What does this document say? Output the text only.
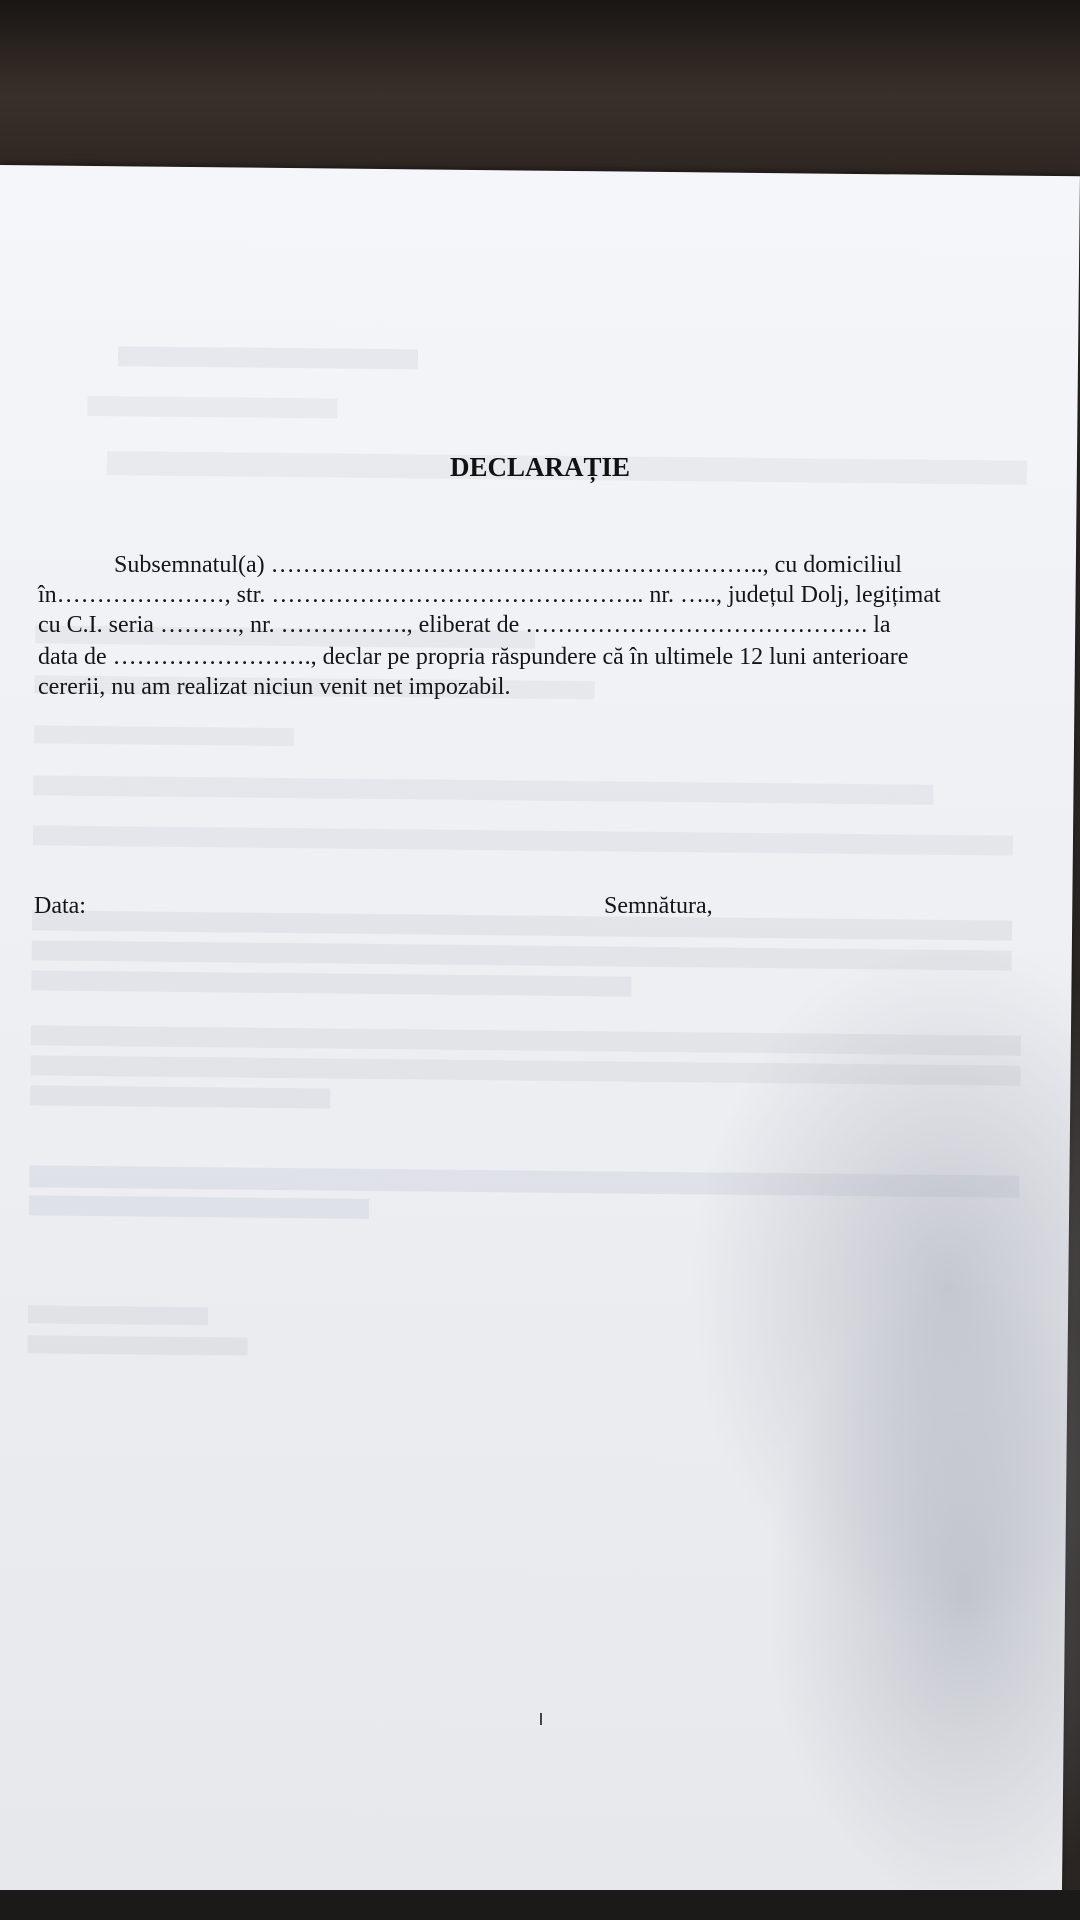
DECLARAȚIE
Subsemnatul(a) …………………………………………………….., cu domiciliul
în…………………, str. ……………………………………….. nr. ….., județul Dolj, legițimat
cu C.I. seria ………., nr. ……………., eliberat de ……………………………………. la
data de ……………………., declar pe propria răspundere că în ultimele 12 luni anterioare
cererii, nu am realizat niciun venit net impozabil.
Data:	Semnătura,
